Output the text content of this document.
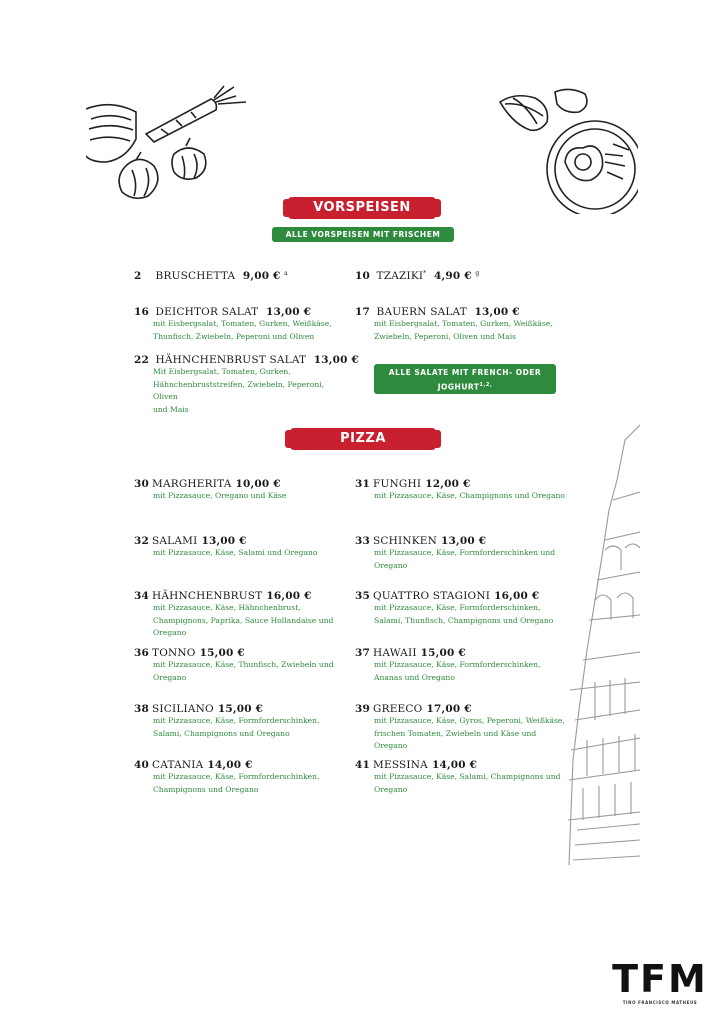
VORSPEISEN
ALLE VORSPEISEN MIT FRISCHEM OFENBROT
2 BRUSCHETTA 9,00 € $^a$	10 TZAZIKI* 4,90 € $^g$
16 DEICHTOR SALAT 13,00 €
mit Eisbergsalat, Tomaten, Gurken, Weißkäse,
Thunfisch, Zwiebeln, Peperoni und Oliven
17 BAUERN SALAT 13,00 €
mit Eisbergsalat, Tomaten, Gurken, Weißkäse,
Zwiebeln, Peperoni, Oliven und Mais
22 HÄHNCHENBRUST SALAT 13,00 €
Mit Eisbergsalat, Tomaten, Gurken,
Hähnchenbruststreifen, Zwiebeln, Peperoni, Oliven
und Mais
ALLE SALATE MIT FRENCH- ODER $JOGHURT^{1,2,}$
DRESSING ODER ESSIG & ÖL SERVIERT
PIZZA
30 MARGHERITA 10,00 €
mit Pizzasauce, Oregano und Käse
31 FUNGHI 12,00 €
mit Pizzasauce, Käse, Champignons und Oregano
32 SALAMI 13,00 €
mit Pizzasauce, Käse, Salami und Oregano
33 SCHINKEN 13,00 €
mit Pizzasauce, Käse, Formforderschinken und
Oregano
34 HÄHNCHENBRUST 16,00 €
mit Pizzasauce, Käse, Hähnchenbrust,
Champignons, Paprika, Sauce Hollandaise und
Oregano
35 QUATTRO STAGIONI 16,00 €
mit Pizzasauce, Käse, Formforderschinken,
Salami, Thunfisch, Champignons und Oregano
36 TONNO 15,00 €
mit Pizzasauce, Käse, Thunfisch, Zwiebeln und
Oregano
37 HAWAII 15,00 €
mit Pizzasauce, Käse, Formforderschinken,
Ananas und Oregano
38 SICILIANO 15,00 €
mit Pizzasauce, Käse, Formforderschinken,
Salami, Champignons und Oregano
39 GREECO 17,00 €
mit Pizzasauce, Käse, Gyros, Peperoni, Weißkäse,
frischen Tomaten, Zwiebeln und Käse und Oregano
40 CATANIA 14,00 €
mit Pizzasauce, Käse, Formforderschinken,
Champignons und Oregano
41 MESSINA 14,00 €
mit Pizzasauce, Käse, Salami, Champignons und
Oregano
TFM
TINO FRANCISCO MATHEUS
